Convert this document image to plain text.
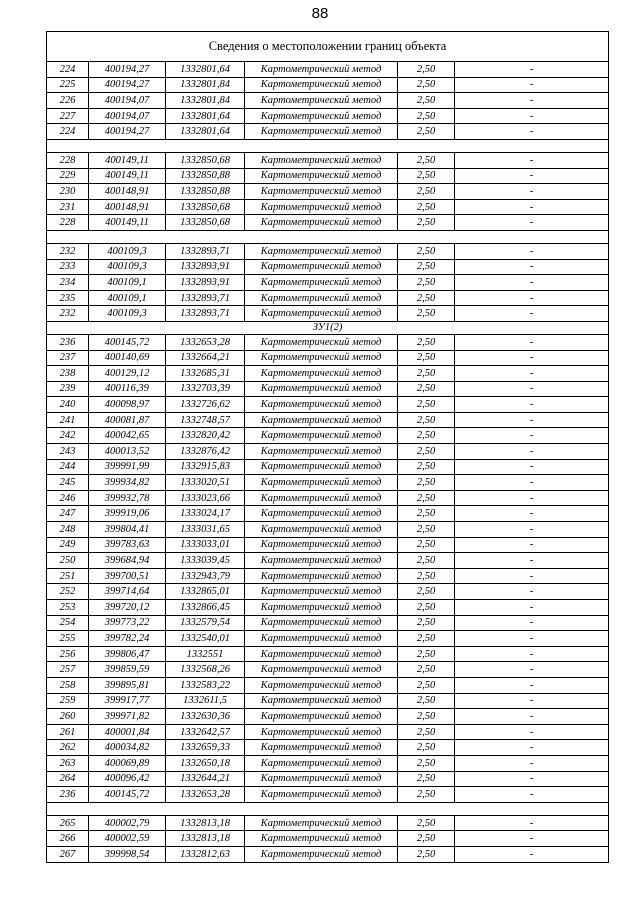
88
Сведения о местоположении границ объекта					
224	400194,27	1332801,64	Картометрический метод	2,50	-
225	400194,27	1332801,84	Картометрический метод	2,50	-
226	400194,07	1332801,84	Картометрический метод	2,50	-
227	400194,07	1332801,64	Картометрический метод	2,50	-
224	400194,27	1332801,64	Картометрический метод	2,50	-

228	400149,11	1332850,68	Картометрический метод	2,50	-
229	400149,11	1332850,88	Картометрический метод	2,50	-
230	400148,91	1332850,88	Картометрический метод	2,50	-
231	400148,91	1332850,68	Картометрический метод	2,50	-
228	400149,11	1332850,68	Картометрический метод	2,50	-

232	400109,3	1332893,71	Картометрический метод	2,50	-
233	400109,3	1332893,91	Картометрический метод	2,50	-
234	400109,1	1332893,91	Картометрический метод	2,50	-
235	400109,1	1332893,71	Картометрический метод	2,50	-
232	400109,3	1332893,71	Картометрический метод	2,50	-
ЗУ1(2)					
236	400145,72	1332653,28	Картометрический метод	2,50	-
237	400140,69	1332664,21	Картометрический метод	2,50	-
238	400129,12	1332685,31	Картометрический метод	2,50	-
239	400116,39	1332703,39	Картометрический метод	2,50	-
240	400098,97	1332726,62	Картометрический метод	2,50	-
241	400081,87	1332748,57	Картометрический метод	2,50	-
242	400042,65	1332820,42	Картометрический метод	2,50	-
243	400013,52	1332876,42	Картометрический метод	2,50	-
244	399991,99	1332915,83	Картометрический метод	2,50	-
245	399934,82	1333020,51	Картометрический метод	2,50	-
246	399932,78	1333023,66	Картометрический метод	2,50	-
247	399919,06	1333024,17	Картометрический метод	2,50	-
248	399804,41	1333031,65	Картометрический метод	2,50	-
249	399783,63	1333033,01	Картометрический метод	2,50	-
250	399684,94	1333039,45	Картометрический метод	2,50	-
251	399700,51	1332943,79	Картометрический метод	2,50	-
252	399714,64	1332865,01	Картометрический метод	2,50	-
253	399720,12	1332866,45	Картометрический метод	2,50	-
254	399773,22	1332579,54	Картометрический метод	2,50	-
255	399782,24	1332540,01	Картометрический метод	2,50	-
256	399806,47	1332551	Картометрический метод	2,50	-
257	399859,59	1332568,26	Картометрический метод	2,50	-
258	399895,81	1332583,22	Картометрический метод	2,50	-
259	399917,77	1332611,5	Картометрический метод	2,50	-
260	399971,82	1332630,36	Картометрический метод	2,50	-
261	400001,84	1332642,57	Картометрический метод	2,50	-
262	400034,82	1332659,33	Картометрический метод	2,50	-
263	400069,89	1332650,18	Картометрический метод	2,50	-
264	400096,42	1332644,21	Картометрический метод	2,50	-
236	400145,72	1332653,28	Картометрический метод	2,50	-

265	400002,79	1332813,18	Картометрический метод	2,50	-
266	400002,59	1332813,18	Картометрический метод	2,50	-
267	399998,54	1332812,63	Картометрический метод	2,50	-
